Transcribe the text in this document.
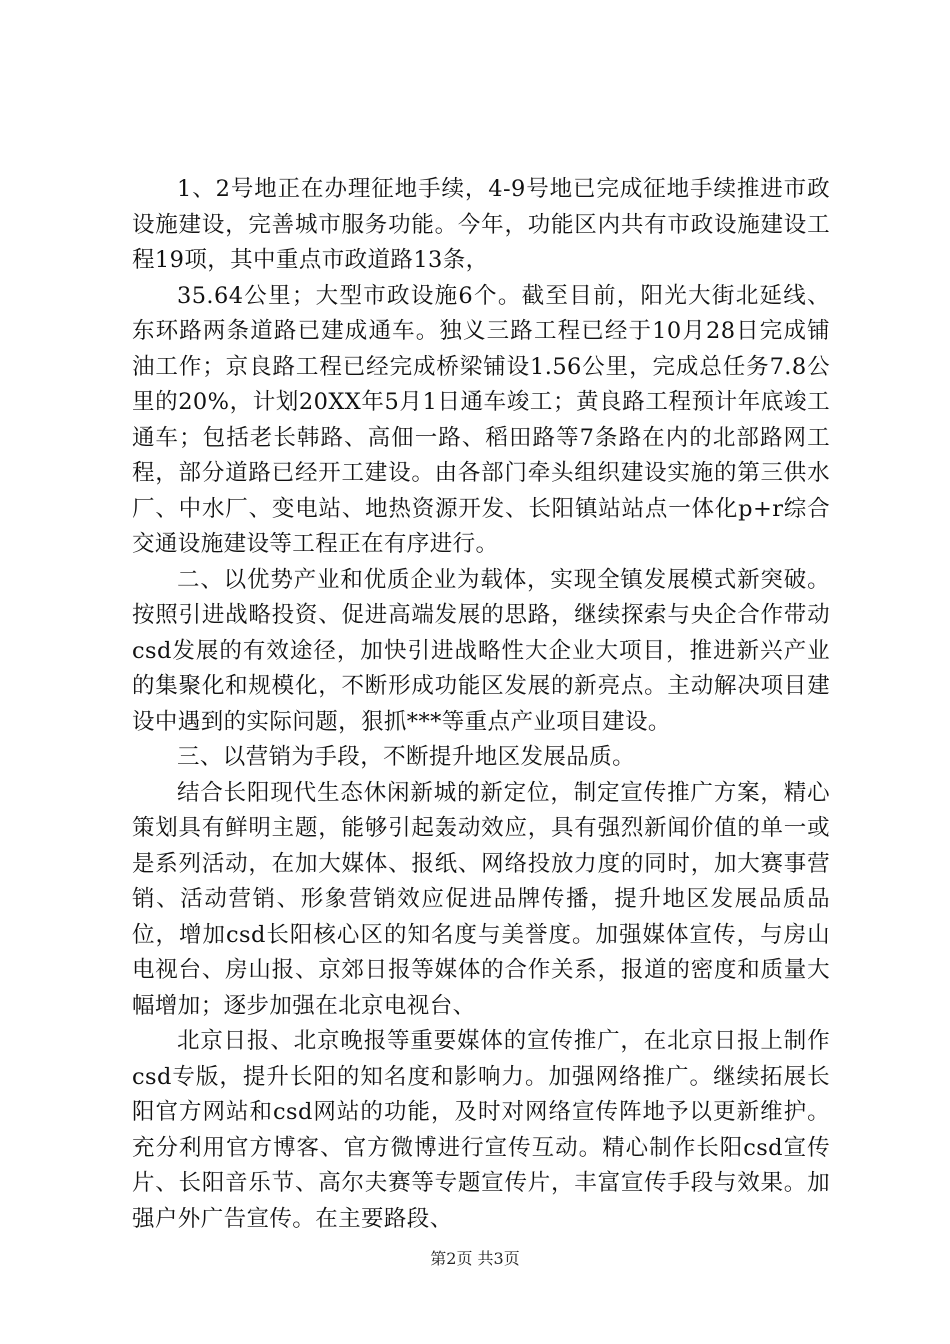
1、2号地正在办理征地手续，4-9号地已完成征地手续推进市政设施建设，完善城市服务功能。今年，功能区内共有市政设施建设工程19项，其中重点市政道路13条，

35.64公里；大型市政设施6个。截至目前，阳光大街北延线、东环路两条道路已建成通车。独义三路工程已经于10月28日完成铺油工作；京良路工程已经完成桥梁铺设1.56公里，完成总任务7.8公里的20%，计划20XX年5月1日通车竣工；黄良路工程预计年底竣工通车；包括老长韩路、高佃一路、稻田路等7条路在内的北部路网工程，部分道路已经开工建设。由各部门牵头组织建设实施的第三供水厂、中水厂、变电站、地热资源开发、长阳镇站站点一体化p+r综合交通设施建设等工程正在有序进行。

二、以优势产业和优质企业为载体，实现全镇发展模式新突破。按照引进战略投资、促进高端发展的思路，继续探索与央企合作带动csd发展的有效途径，加快引进战略性大企业大项目，推进新兴产业的集聚化和规模化，不断形成功能区发展的新亮点。主动解决项目建设中遇到的实际问题，狠抓***等重点产业项目建设。

三、以营销为手段，不断提升地区发展品质。

结合长阳现代生态休闲新城的新定位，制定宣传推广方案，精心策划具有鲜明主题，能够引起轰动效应，具有强烈新闻价值的单一或是系列活动，在加大媒体、报纸、网络投放力度的同时，加大赛事营销、活动营销、形象营销效应促进品牌传播，提升地区发展品质品位，增加csd长阳核心区的知名度与美誉度。加强媒体宣传，与房山电视台、房山报、京郊日报等媒体的合作关系，报道的密度和质量大幅增加；逐步加强在北京电视台、

北京日报、北京晚报等重要媒体的宣传推广，在北京日报上制作csd专版，提升长阳的知名度和影响力。加强网络推广。继续拓展长阳官方网站和csd网站的功能，及时对网络宣传阵地予以更新维护。充分利用官方博客、官方微博进行宣传互动。精心制作长阳csd宣传片、长阳音乐节、高尔夫赛等专题宣传片，丰富宣传手段与效果。加强户外广告宣传。在主要路段、

第2页 共3页
